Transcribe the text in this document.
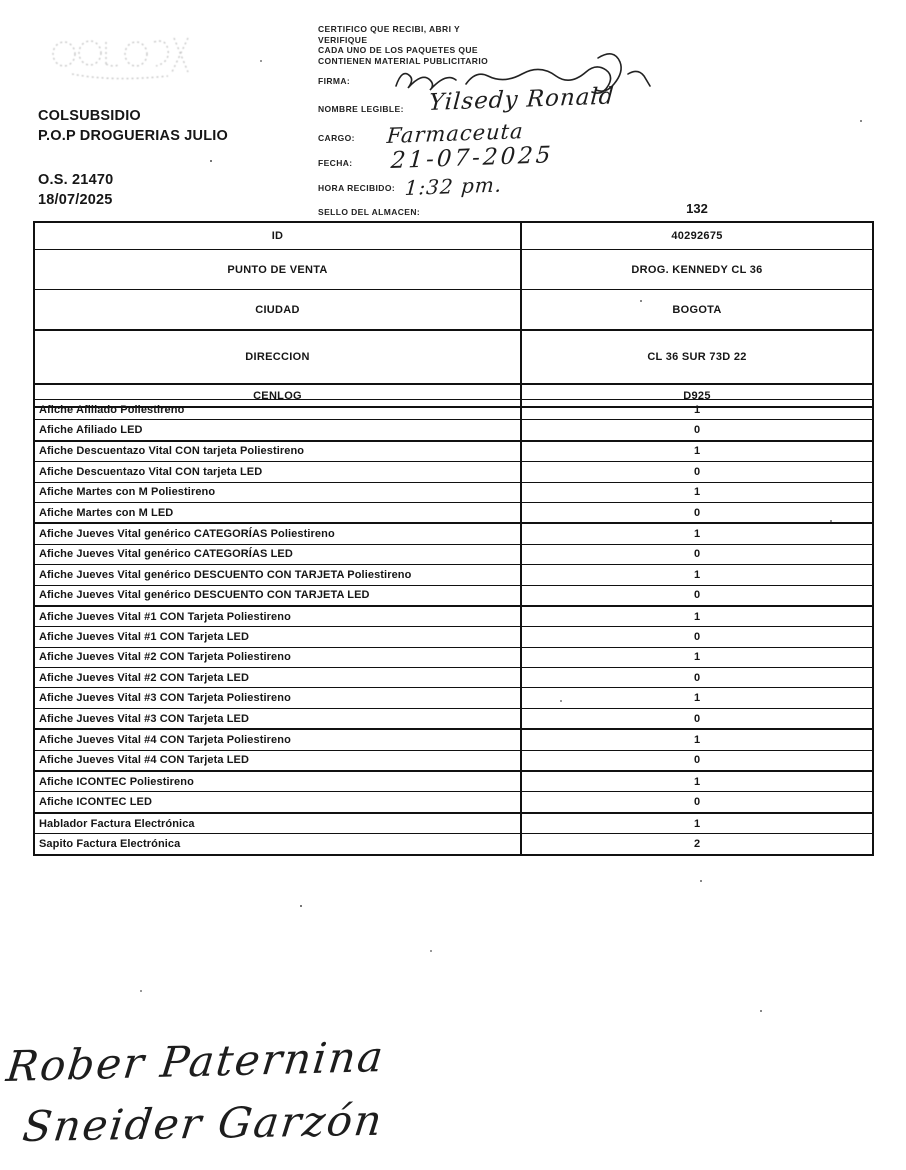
COLSUBSIDIO
P.O.P DROGUERIAS JULIO
O.S. 21470
18/07/2025
CERTIFICO QUE RECIBI, ABRI Y
VERIFIQUE
CADA UNO DE LOS PAQUETES QUE
CONTIENEN MATERIAL PUBLICITARIO
FIRMA:
NOMBRE LEGIBLE:
CARGO:
FECHA:
HORA RECIBIDO:
SELLO DEL ALMACEN:
Yilsedy Ronald
Farmaceuta
21-07-2025
1:32 pm.
132
ID	40292675
PUNTO DE VENTA	DROG. KENNEDY CL 36
CIUDAD	BOGOTA
DIRECCION	CL 36 SUR 73D 22
CENLOG	D925
Afiche Afiliado Poliestireno	1
Afiche Afiliado LED	0
Afiche Descuentazo Vital CON tarjeta Poliestireno	1
Afiche Descuentazo Vital CON tarjeta LED	0
Afiche Martes con M Poliestireno	1
Afiche Martes con M LED	0
Afiche Jueves Vital genérico CATEGORÍAS Poliestireno	1
Afiche Jueves Vital genérico CATEGORÍAS LED	0
Afiche Jueves Vital genérico DESCUENTO CON TARJETA Poliestireno	1
Afiche Jueves Vital genérico DESCUENTO CON TARJETA LED	0
Afiche Jueves Vital #1 CON Tarjeta Poliestireno	1
Afiche Jueves Vital #1 CON Tarjeta LED	0
Afiche Jueves Vital #2 CON Tarjeta Poliestireno	1
Afiche Jueves Vital #2 CON Tarjeta LED	0
Afiche Jueves Vital #3 CON Tarjeta Poliestireno	1
Afiche Jueves Vital #3 CON Tarjeta LED	0
Afiche Jueves Vital #4 CON Tarjeta Poliestireno	1
Afiche Jueves Vital #4 CON Tarjeta LED	0
Afiche ICONTEC Poliestireno	1
Afiche ICONTEC LED	0
Hablador Factura Electrónica	1
Sapito Factura Electrónica	2
Rober Paternina
Sneider Garzón
